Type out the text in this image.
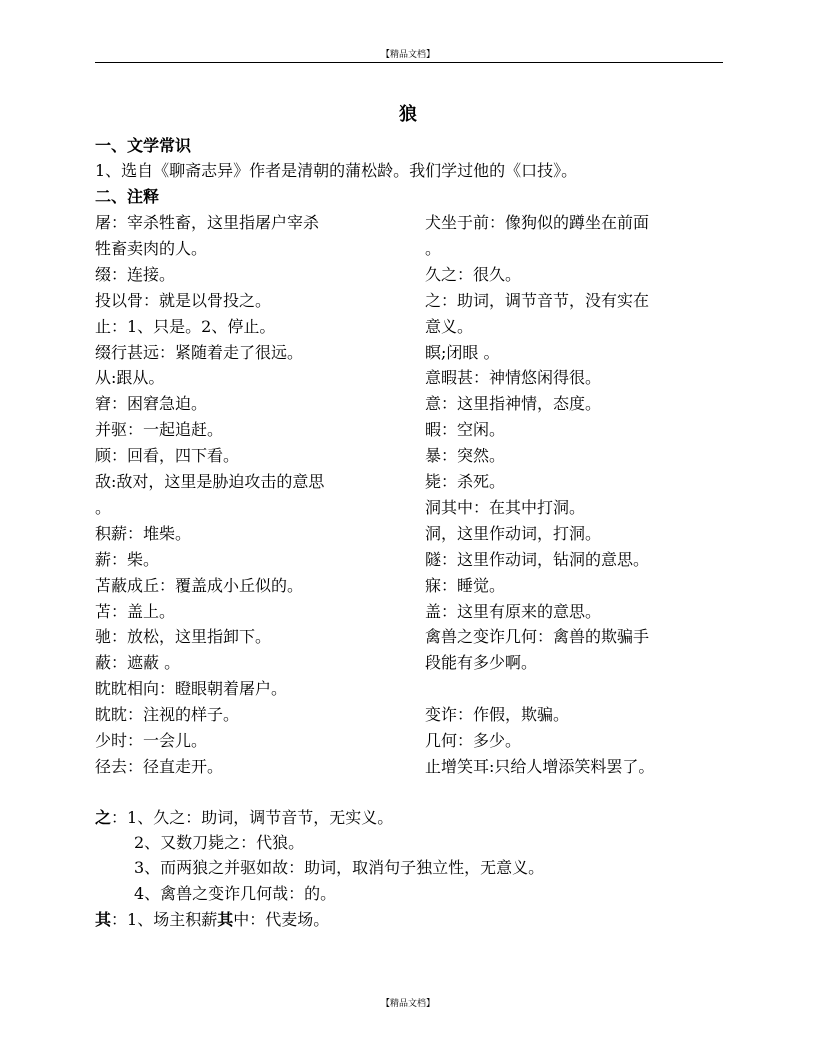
【精品文档】
狼
一、文学常识
1、选自《聊斋志异》作者是清朝的蒲松龄。我们学过他的《口技》。
二、注释
屠：宰杀牲畜，这里指屠户宰杀
牲畜卖肉的人。
缀：连接。
投以骨：就是以骨投之。
止：1、只是。2、停止。
缀行甚远：紧随着走了很远。
从:跟从。
窘：困窘急迫。
并驱：一起追赶。
顾：回看，四下看。
敌:敌对，这里是胁迫攻击的意思
。
积薪：堆柴。
薪：柴。
苫蔽成丘：覆盖成小丘似的。
苫：盖上。
驰：放松，这里指卸下。
蔽：遮蔽 。
眈眈相向：瞪眼朝着屠户。
眈眈：注视的样子。
少时：一会儿。
径去：径直走开。
犬坐于前：像狗似的蹲坐在前面
。
久之：很久。
之：助词，调节音节，没有实在
意义。
瞑;闭眼 。
意暇甚：神情悠闲得很。
意：这里指神情，态度。
暇：空闲。
暴：突然。
毙：杀死。
洞其中：在其中打洞。
洞，这里作动词，打洞。
隧：这里作动词，钻洞的意思。
寐：睡觉。
盖：这里有原来的意思。
禽兽之变诈几何：禽兽的欺骗手
段能有多少啊。
变诈：作假，欺骗。
几何：多少。
止增笑耳:只给人增添笑料罢了。
之：1、久之：助词，调节音节，无实义。
2、又数刀毙之：代狼。
3、而两狼之并驱如故：助词，取消句子独立性，无意义。
4、禽兽之变诈几何哉：的。
其：1、场主积薪其中：代麦场。
【精品文档】
